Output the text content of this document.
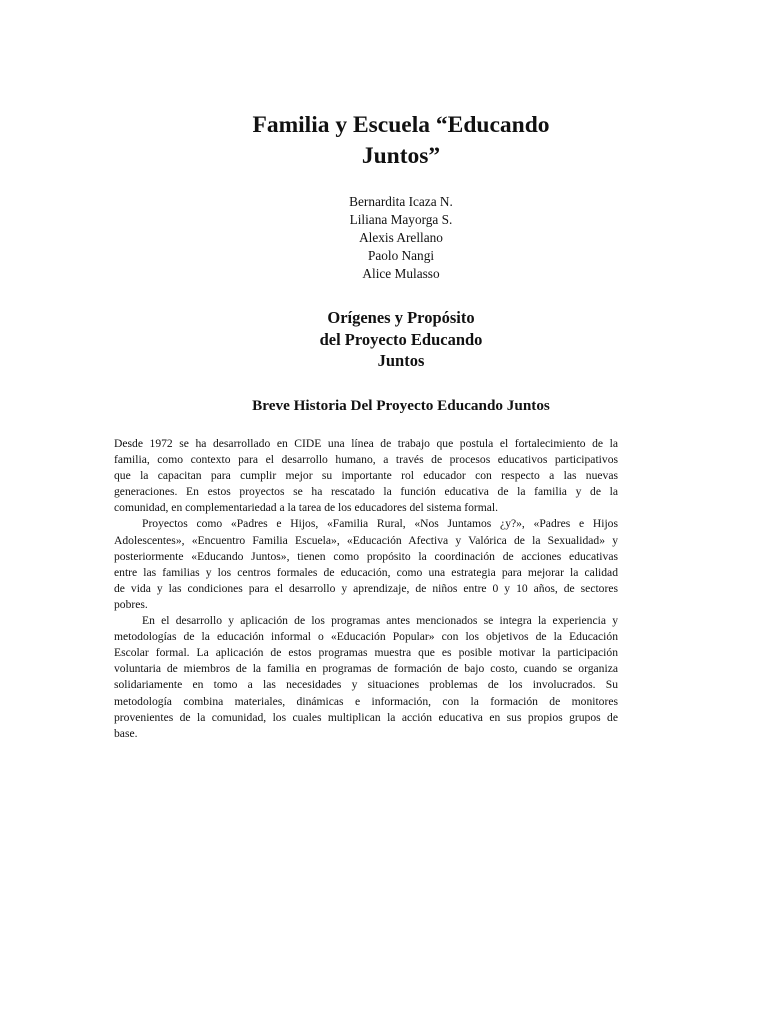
Familia y Escuela “Educando
Juntos”
Bernardita Icaza N.
Liliana Mayorga S.
Alexis Arellano
Paolo Nangi
Alice Mulasso
Orígenes y Propósito
del Proyecto Educando
Juntos
Breve Historia Del Proyecto Educando Juntos
Desde 1972 se ha desarrollado en CIDE una línea de trabajo que postula el fortalecimiento de la
familia, como contexto para el desarrollo humano, a través de procesos educativos participativos
que la capacitan para cumplir mejor su importante rol educador con respecto a las nuevas
generaciones. En estos proyectos se ha rescatado la función educativa de la familia y de la
comunidad, en complementariedad a la tarea de los educadores del sistema formal.
Proyectos como «Padres e Hijos, «Familia Rural, «Nos Juntamos ¿y?», «Padres e Hijos
Adolescentes», «Encuentro Familia Escuela», «Educación Afectiva y Valórica de la Sexualidad» y
posteriormente «Educando Juntos», tienen como propósito la coordinación de acciones educativas
entre las familias y los centros formales de educación, como una estrategia para mejorar la calidad
de vida y las condiciones para el desarrollo y aprendizaje, de niños entre 0 y 10 años, de sectores
pobres.
En el desarrollo y aplicación de los programas antes mencionados se integra la experiencia y
metodologías de la educación informal o «Educación Popular» con los objetivos de la Educación
Escolar formal. La aplicación de estos programas muestra que es posible motivar la participación
voluntaria de miembros de la familia en programas de formación de bajo costo, cuando se organiza
solidariamente en tomo a las necesidades y situaciones problemas de los involucrados. Su
metodología combina materiales, dinámicas e información, con la formación de monitores
provenientes de la comunidad, los cuales multiplican la acción educativa en sus propios grupos de
base.
